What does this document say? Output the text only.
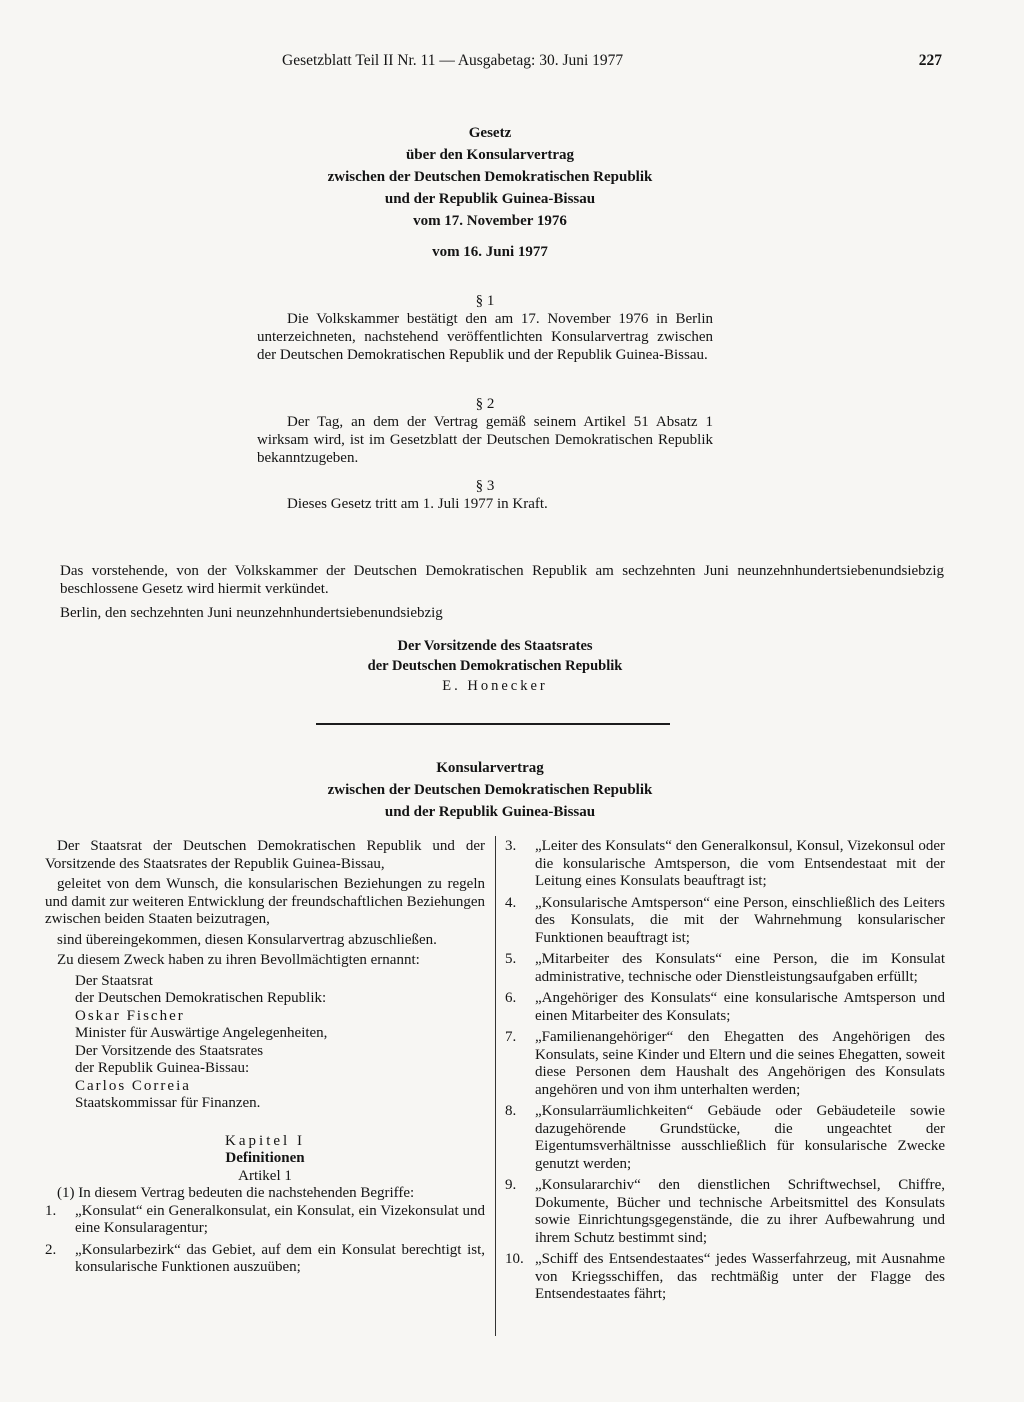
Gesetzblatt Teil II Nr. 11 — Ausgabetag: 30. Juni 1977	227
Gesetz
über den Konsularvertrag
zwischen der Deutschen Demokratischen Republik
und der Republik Guinea-Bissau
vom 17. November 1976
vom 16. Juni 1977
§ 1
Die Volkskammer bestätigt den am 17. November 1976 in Berlin unterzeichneten, nachstehend veröffentlichten Konsularvertrag zwischen der Deutschen Demokratischen Republik und der Republik Guinea-Bissau.
§ 2
Der Tag, an dem der Vertrag gemäß seinem Artikel 51 Absatz 1 wirksam wird, ist im Gesetzblatt der Deutschen Demokratischen Republik bekanntzugeben.
§ 3
Dieses Gesetz tritt am 1. Juli 1977 in Kraft.
Das vorstehende, von der Volkskammer der Deutschen Demokratischen Republik am sechzehnten Juni neunzehnhundertsiebenundsiebzig beschlossene Gesetz wird hiermit verkündet.
Berlin, den sechzehnten Juni neunzehnhundertsiebenundsiebzig
Der Vorsitzende des Staatsrates
der Deutschen Demokratischen Republik
E. Honecker
Konsularvertrag
zwischen der Deutschen Demokratischen Republik
und der Republik Guinea-Bissau

Der Staatsrat der Deutschen Demokratischen Republik und der Vorsitzende des Staatsrates der Republik Guinea-Bissau,

geleitet von dem Wunsch, die konsularischen Beziehungen zu regeln und damit zur weiteren Entwicklung der freundschaftlichen Beziehungen zwischen beiden Staaten beizutragen,

sind übereingekommen, diesen Konsularvertrag abzuschließen.

Zu diesem Zweck haben zu ihren Bevollmächtigten ernannt:

Der Staatsrat

der Deutschen Demokratischen Republik:

Oskar Fischer

Minister für Auswärtige Angelegenheiten,

Der Vorsitzende des Staatsrates

der Republik Guinea-Bissau:

Carlos Correia

Staatskommissar für Finanzen.

Kapitel I

Definitionen

Artikel 1

(1) In diesem Vertrag bedeuten die nachstehenden Begriffe:

1.	„Konsulat“ ein Generalkonsulat, ein Konsulat, ein Vizekonsulat und eine Konsularagentur;
2.	„Konsularbezirk“ das Gebiet, auf dem ein Konsulat berechtigt ist, konsularische Funktionen auszuüben;
3.	„Leiter des Konsulats“ den Generalkonsul, Konsul, Vizekonsul oder die konsularische Amtsperson, die vom Entsendestaat mit der Leitung eines Konsulats beauftragt ist;
4.	„Konsularische Amtsperson“ eine Person, einschließlich des Leiters des Konsulats, die mit der Wahrnehmung konsularischer Funktionen beauftragt ist;
5.	„Mitarbeiter des Konsulats“ eine Person, die im Konsulat administrative, technische oder Dienstleistungsaufgaben erfüllt;
6.	„Angehöriger des Konsulats“ eine konsularische Amtsperson und einen Mitarbeiter des Konsulats;
7.	„Familienangehöriger“ den Ehegatten des Angehörigen des Konsulats, seine Kinder und Eltern und die seines Ehegatten, soweit diese Personen dem Haushalt des Angehörigen des Konsulats angehören und von ihm unterhalten werden;
8.	„Konsularräumlichkeiten“ Gebäude oder Gebäudeteile sowie dazugehörende Grundstücke, die ungeachtet der Eigentumsverhältnisse ausschließlich für konsularische Zwecke genutzt werden;
9.	„Konsulararchiv“ den dienstlichen Schriftwechsel, Chiffre, Dokumente, Bücher und technische Arbeitsmittel des Konsulats sowie Einrichtungsgegenstände, die zu ihrer Aufbewahrung und ihrem Schutz bestimmt sind;
10. „Schiff des Entsendestaates“ jedes Wasserfahrzeug, mit Ausnahme von Kriegsschiffen, das rechtmäßig unter der Flagge des Entsendestaates fährt;
